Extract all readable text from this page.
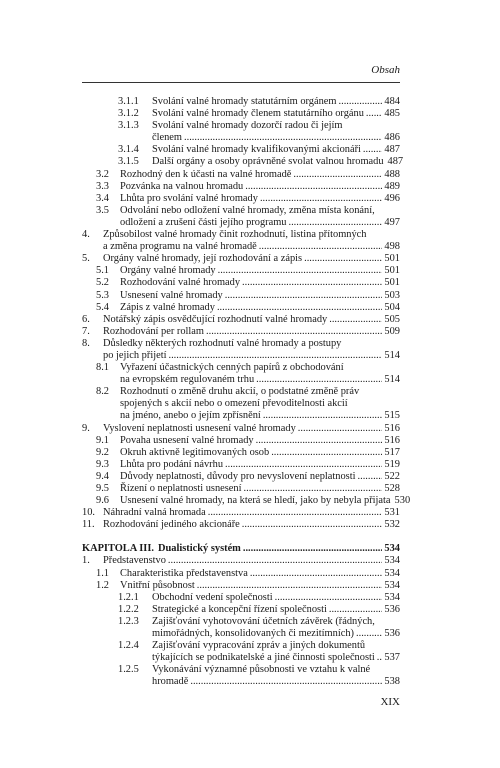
Obsah
3.1.1	Svolání valné hromady statutárním orgánem . . .	484
3.1.2	Svolání valné hromady členem statutárního orgánu . . . 485
3.1.3	Svolání valné hromady dozorčí radou či jejím
členem . . .	486
3.1.4	Svolání valné hromady kvalifikovanými akcionáři . . . 487
3.1.5	Další orgány a osoby oprávněné svolat valnou hromadu 487
3.2	Rozhodný den k účasti na valné hromadě . . .	488
3.3	Pozvánka na valnou hromadu . . .	489
3.4	Lhůta pro svolání valné hromady . . .	496
3.5	Odvolání nebo odložení valné hromady, změna místa konání,
odložení a zrušení části jejího programu . . .	497
4.	Způsobilost valné hromady činit rozhodnutí, listina přítomných
a změna programu na valné hromadě . . .	498
5.	Orgány valné hromady, její rozhodování a zápis . . .	501
5.1	Orgány valné hromady . . .	501
5.2	Rozhodování valné hromady . . .	501
5.3	Usnesení valné hromady . . .	503
5.4	Zápis z valné hromady . . .	504
6.	Notářský zápis osvědčující rozhodnutí valné hromady . . .	505
7.	Rozhodování per rollam . . .	509
8.	Důsledky některých rozhodnutí valné hromady a postupy
po jejich přijetí . . .	514
8.1	Vyřazení účastnických cenných papírů z obchodování
na evropském regulovaném trhu . . .	514
8.2	Rozhodnutí o změně druhu akcií, o podstatné změně práv
spojených s akcií nebo o omezení převoditelnosti akcií
na jméno, anebo o jejím zpřísnění . . .	515
9.	Vyslovení neplatnosti usnesení valné hromady . . .	516
9.1	Povaha usnesení valné hromady . . .	516
9.2	Okruh aktivně legitimovaných osob . . .	517
9.3	Lhůta pro podání návrhu . . .	519
9.4	Důvody neplatnosti, důvody pro nevyslovení neplatnosti . . .	522
9.5	Řízení o neplatnosti usnesení . . .	528
9.6	Usnesení valné hromady, na která se hledí, jako by nebyla přijata 530
10. Náhradní valná hromada . . .	531
11. Rozhodování jediného akcionáře . . .	532
KAPITOLA III. Dualistický systém . . .	534
1.	Představenstvo . . .	534
1.1	Charakteristika představenstva . . .	534
1.2	Vnitřní působnost . . .	534
1.2.1	Obchodní vedení společnosti . . .	534
1.2.2	Strategické a koncepční řízení společnosti . . .	536
1.2.3	Zajišťování vyhotovování účetních závěrek (řádných,
mimořádných, konsolidovaných či mezitímních) . . .	536
1.2.4	Zajišťování vypracování zpráv a jiných dokumentů
týkajících se podnikatelské a jiné činnosti společnosti . . . 537
1.2.5	Vykonávání významné působnosti ve vztahu k valné
hromadě . . .	538
XIX
